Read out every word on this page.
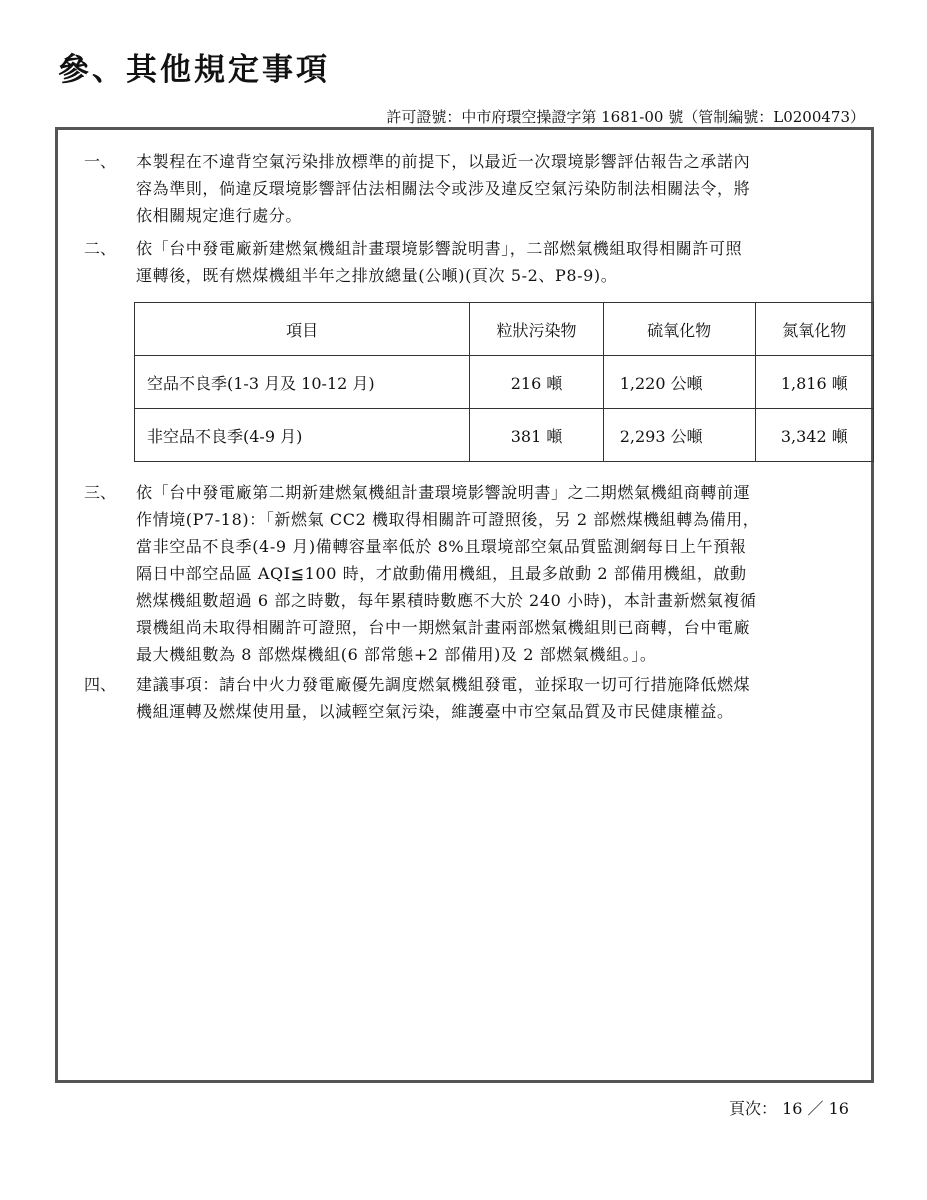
參、其他規定事項
許可證號：中市府環空操證字第 1681-00 號（管制編號：L0200473）
一、 本製程在不違背空氣污染排放標準的前提下，以最近一次環境影響評估報告之承諾內
容為準則，倘違反環境影響評估法相關法令或涉及違反空氣污染防制法相關法令，將
依相關規定進行處分。
二、 依「台中發電廠新建燃氣機組計畫環境影響說明書」，二部燃氣機組取得相關許可照
運轉後，既有燃煤機組半年之排放總量(公噸)(頁次 5-2、P8-9)。
項目	粒狀污染物	硫氧化物	氮氧化物
空品不良季(1-3 月及 10-12 月)	216 噸	1,220 公噸	1,816 噸
非空品不良季(4-9 月)	381 噸	2,293 公噸	3,342 噸
三、 依「台中發電廠第二期新建燃氣機組計畫環境影響說明書」之二期燃氣機組商轉前運
作情境(P7-18)：「新燃氣 CC2 機取得相關許可證照後，另 2 部燃煤機組轉為備用，
當非空品不良季(4-9 月)備轉容量率低於 8%且環境部空氣品質監測網每日上午預報
隔日中部空品區 AQI≦100 時，才啟動備用機組，且最多啟動 2 部備用機組，啟動
燃煤機組數超過 6 部之時數，每年累積時數應不大於 240 小時)，本計畫新燃氣複循
環機組尚未取得相關許可證照，台中一期燃氣計畫兩部燃氣機組則已商轉，台中電廠
最大機組數為 8 部燃煤機組(6 部常態+2 部備用)及 2 部燃氣機組。」。
四、 建議事項：請台中火力發電廠優先調度燃氣機組發電，並採取一切可行措施降低燃煤
機組運轉及燃煤使用量，以減輕空氣污染，維護臺中市空氣品質及市民健康權益。
頁次： 16 ／ 16
